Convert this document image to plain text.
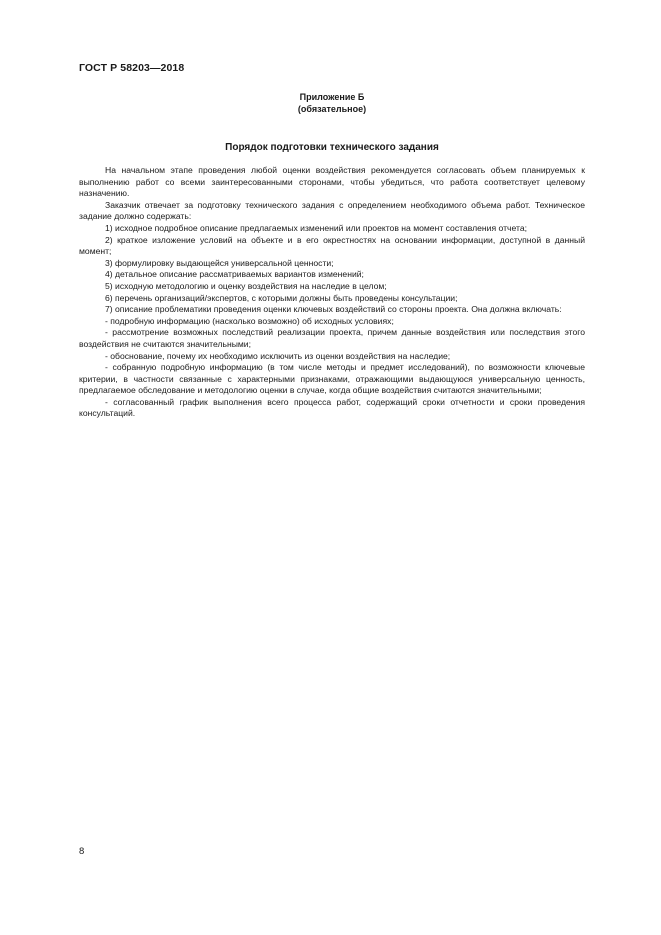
ГОСТ Р 58203—2018
Приложение Б
(обязательное)
Порядок подготовки технического задания

На начальном этапе проведения любой оценки воздействия рекомендуется согласовать объем планируемых к выполнению работ со всеми заинтересованными сторонами, чтобы убедиться, что работа соответствует целевому назначению.

Заказчик отвечает за подготовку технического задания с определением необходимого объема работ. Техническое задание должно содержать:

1) исходное подробное описание предлагаемых изменений или проектов на момент составления отчета;

2) краткое изложение условий на объекте и в его окрестностях на основании информации, доступной в данный момент;

3) формулировку выдающейся универсальной ценности;

4) детальное описание рассматриваемых вариантов изменений;

5) исходную методологию и оценку воздействия на наследие в целом;

6) перечень организаций/экспертов, с которыми должны быть проведены консультации;

7) описание проблематики проведения оценки ключевых воздействий со стороны проекта. Она должна включать:

- подробную информацию (насколько возможно) об исходных условиях;

- рассмотрение возможных последствий реализации проекта, причем данные воздействия или последствия этого воздействия не считаются значительными;

- обоснование, почему их необходимо исключить из оценки воздействия на наследие;

- собранную подробную информацию (в том числе методы и предмет исследований), по возможности ключевые критерии, в частности связанные с характерными признаками, отражающими выдающуюся универсальную ценность, предлагаемое обследование и методологию оценки в случае, когда общие воздействия считаются значительными;

- согласованный график выполнения всего процесса работ, содержащий сроки отчетности и сроки проведения консультаций.

8
